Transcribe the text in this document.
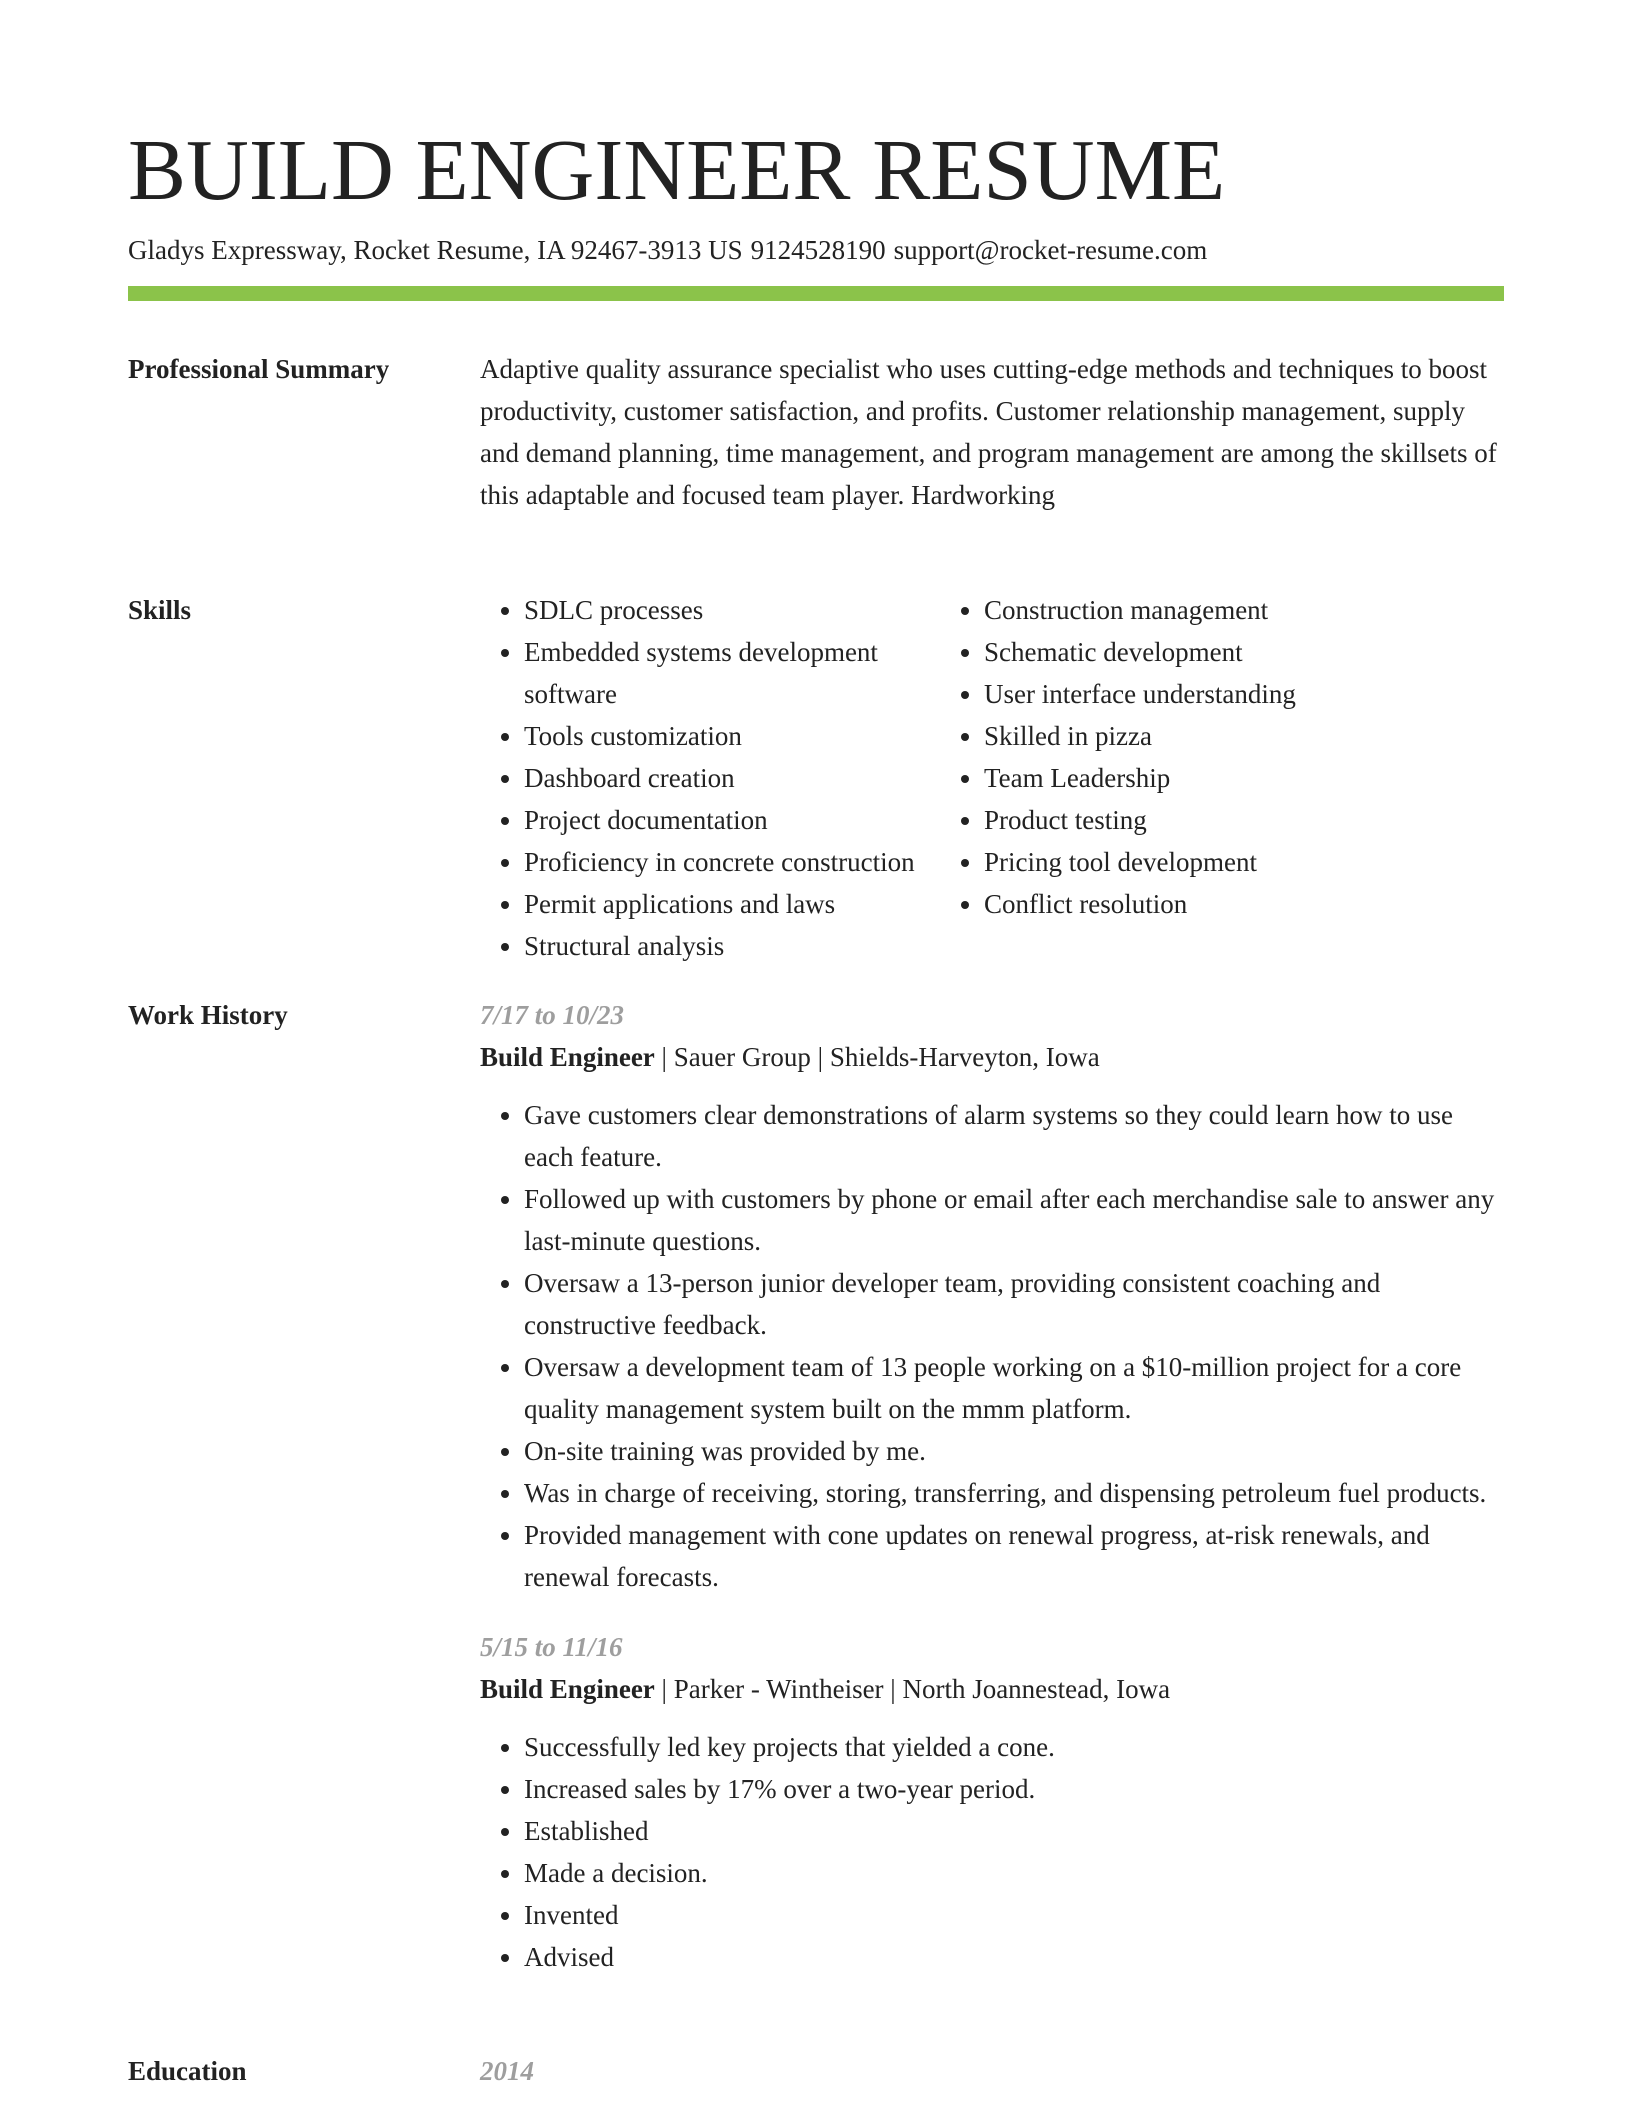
BUILD ENGINEER RESUME
Gladys Expressway, Rocket Resume, IA 92467-3913 US 9124528190 support@rocket-resume.com
Professional Summary	Adaptive quality assurance specialist who uses cutting-edge methods and techniques to boost productivity, customer satisfaction, and profits. Customer relationship management, supply and demand planning, time management, and program management are among the skillsets of this adaptable and focused team player. Hardworking

Skills
•	SDLC processes
• Embedded systems development software
• Tools customization
• Dashboard creation
• Project documentation
• Proficiency in concrete construction
• Permit applications and laws
• Structural analysis
• Construction management
• Schematic development
• User interface understanding
• Skilled in pizza
• Team Leadership
• Product testing
• Pricing tool development
• Conflict resolution
Work History	7/17 to 10/23
Build Engineer | Sauer Group | Shields-Harveyton, Iowa
• Gave customers clear demonstrations of alarm systems so they could learn how to use each feature.
• Followed up with customers by phone or email after each merchandise sale to answer any last-minute questions.
• Oversaw a 13-person junior developer team, providing consistent coaching and constructive feedback.
• Oversaw a development team of 13 people working on a $10-million project for a core quality management system built on the mmm platform.
• On-site training was provided by me.
• Was in charge of receiving, storing, transferring, and dispensing petroleum fuel products.
• Provided management with cone updates on renewal progress, at-risk renewals, and renewal forecasts.
5/15 to 11/16
Build Engineer | Parker - Wintheiser | North Joannestead, Iowa
• Successfully led key projects that yielded a cone.
• Increased sales by 17% over a two-year period.
• Established
• Made a decision.
• Invented
• Advised
Education	2014
